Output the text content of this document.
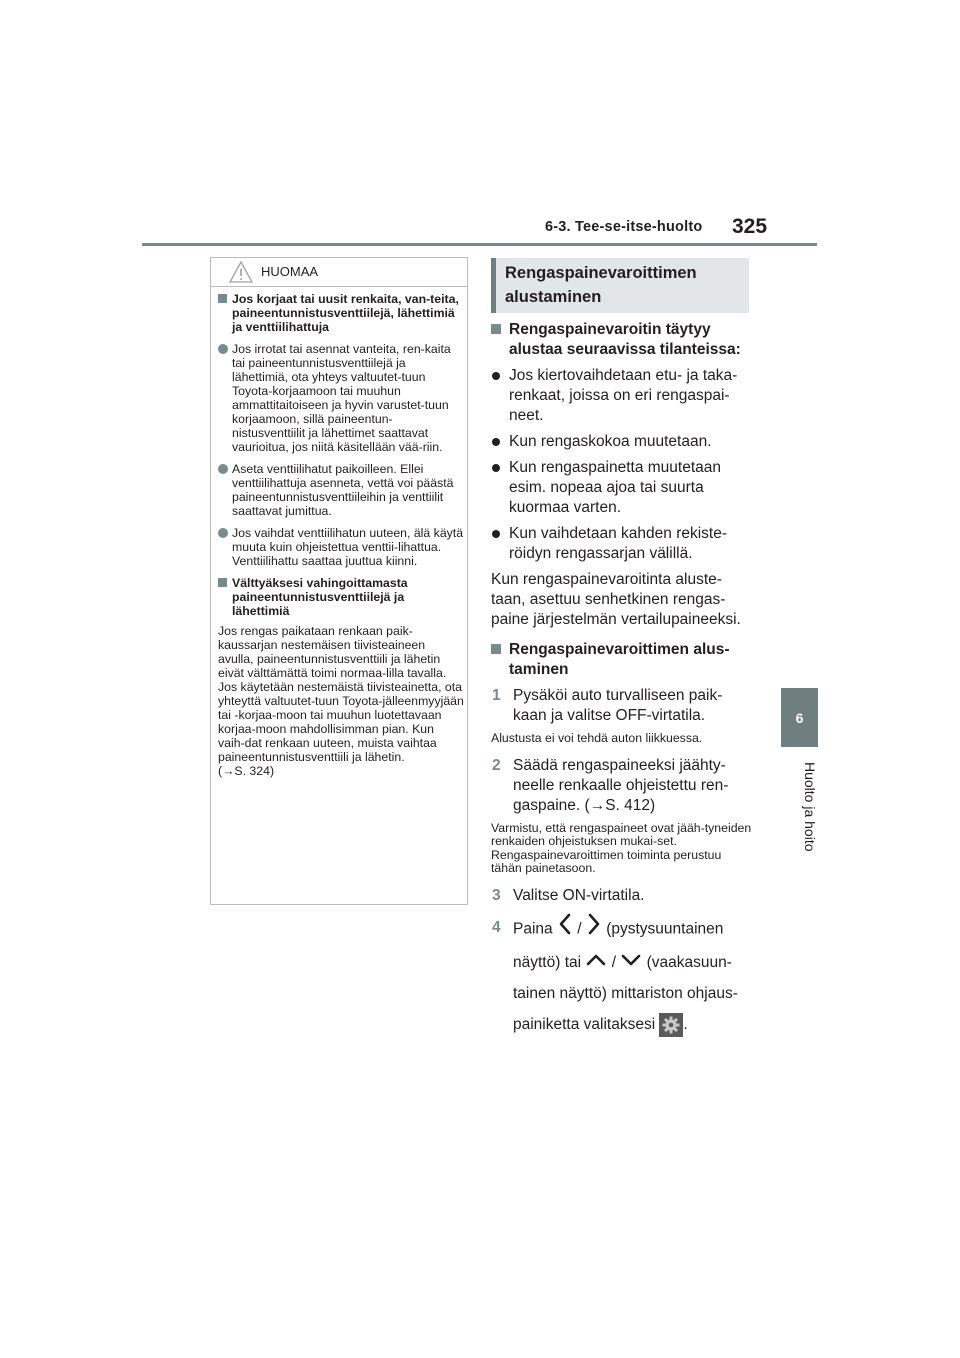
6-3. Tee-se-itse-huolto 325
6
Huolto ja hoito
HUOMAA
Jos korjaat tai uusit renkaita, van-teita, paineentunnistusventtiilejä, lähettimiä ja venttiilihattuja
Jos irrotat tai asennat vanteita, ren-kaita tai paineentunnistusventtiilejä ja lähettimiä, ota yhteys valtuutet-tuun Toyota-korjaamoon tai muuhun ammattitaitoiseen ja hyvin varustet-tuun korjaamoon, sillä paineentun-nistusventtiilit ja lähettimet saattavat vaurioitua, jos niitä käsitellään vää-riin.
Aseta venttiilihatut paikoilleen. Ellei venttiilihattuja asenneta, vettä voi päästä paineentunnistusventtiileihin ja venttiilit saattavat jumittua.
Jos vaihdat venttiilihatun uuteen, älä käytä muuta kuin ohjeistettua venttii-lihattua. Venttiilihattu saattaa juuttua kiinni.
Välttyäksesi vahingoittamasta paineentunnistusventtiilejä ja lähettimiä
Jos rengas paikataan renkaan paik-kaussarjan nestemäisen tiivisteaineen avulla, paineentunnistusventtiili ja lähetin eivät välttämättä toimi normaa-lilla tavalla. Jos käytetään nestemäistä tiivisteainetta, ota yhteyttä valtuutet-tuun Toyota-jälleenmyyjään tai -korjaa-moon tai muuhun luotettavaan korjaa-moon mahdollisimman pian. Kun vaih-dat renkaan uuteen, muista vaihtaa paineentunnistusventtiili ja lähetin.
(→S. 324)
Rengaspainevaroittimen alustaminen
Rengaspainevaroitin täytyy alustaa seuraavissa tilanteissa:
Jos kiertovaihdetaan etu- ja taka-renkaat, joissa on eri rengaspai-neet.
Kun rengaskokoa muutetaan.
Kun rengaspainetta muutetaan esim. nopeaa ajoa tai suurta kuormaa varten.
Kun vaihdetaan kahden rekiste-röidyn rengassarjan välillä.
Kun rengaspainevaroitinta aluste-taan, asettuu senhetkinen rengas-paine järjestelmän vertailupaineeksi.
Rengaspainevaroittimen alus-taminen
1 Pysäköi auto turvalliseen paik-kaan ja valitse OFF-virtatila.
Alustusta ei voi tehdä auton liikkuessa.
2 Säädä rengaspaineeksi jäähty-neelle renkaalle ohjeistettu ren-gaspaine. (→S. 412)
Varmistu, että rengaspaineet ovat jääh-tyneiden renkaiden ohjeistuksen mukai-set. Rengaspainevaroittimen toiminta perustuu tähän painetasoon.
3 Valitse ON-virtatila.
4 Paina / (pystysuuntainen
näyttö) tai / (vaakasuun-
tainen näyttö) mittariston ohjaus-
painiketta valitaksesi .
